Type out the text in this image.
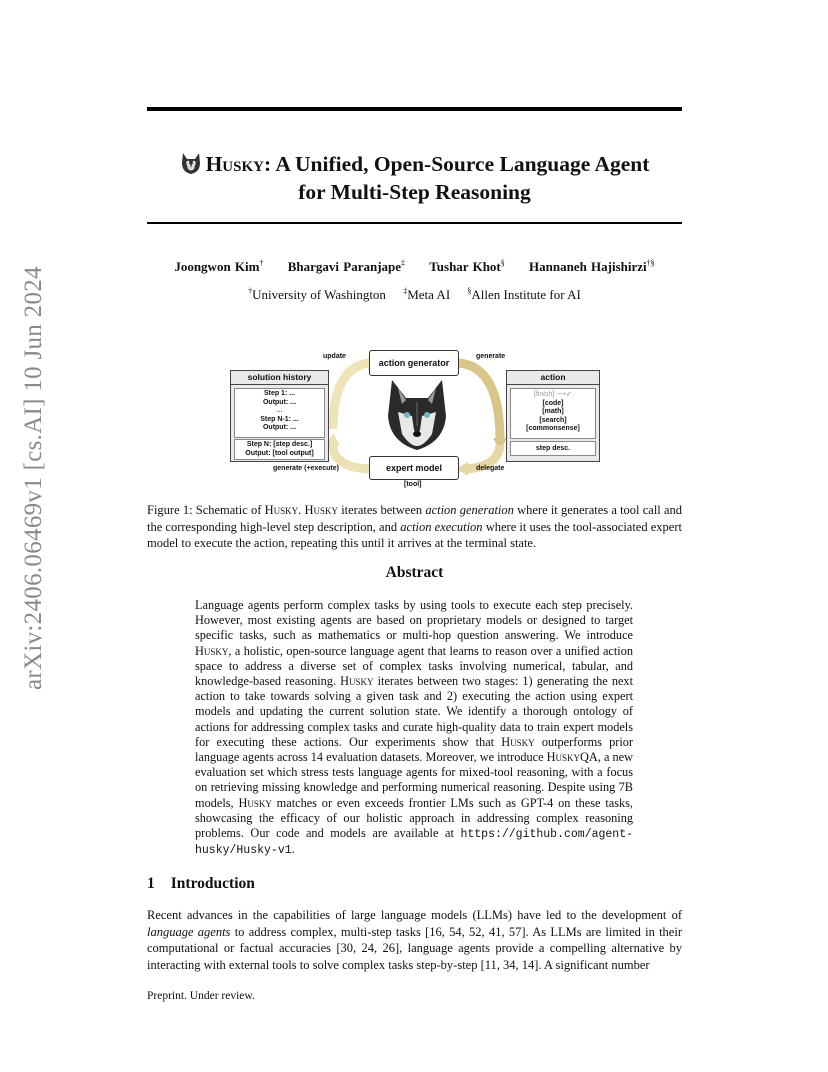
arXiv:2406.06469v1 [cs.AI] 10 Jun 2024
Husky: A Unified, Open-Source Language Agent
for Multi-Step Reasoning
Joongwon Kim† Bhargavi Paranjape‡ Tushar Khot§ Hannaneh Hajishirzi†§
†University of Washington ‡Meta AI §Allen Institute for AI
action generator
expert model
[tool]
update	generate
delegate
generate (+execute)
solution history
Step 1: ...
Output: ...
...
Step N-1: ...
Output: ...
Step N: [step desc.]
Output: [tool output]
action
[finish] ⟶✓
[code]
[math]
[search]
[commonsense]
step desc.
Figure 1: Schematic of Husky. Husky iterates between action generation where it generates a tool call and the corresponding high-level step description, and action execution where it uses the tool-associated expert model to execute the action, repeating this until it arrives at the terminal state.
Abstract
Language agents perform complex tasks by using tools to execute each step precisely. However, most existing agents are based on proprietary models or designed to target specific tasks, such as mathematics or multi-hop question answering. We introduce Husky, a holistic, open-source language agent that learns to reason over a unified action space to address a diverse set of complex tasks involving numerical, tabular, and knowledge-based reasoning. Husky iterates between two stages: 1) generating the next action to take towards solving a given task and 2) executing the action using expert models and updating the current solution state. We identify a thorough ontology of actions for addressing complex tasks and curate high-quality data to train expert models for executing these actions. Our experiments show that Husky outperforms prior language agents across 14 evaluation datasets. Moreover, we introduce HuskyQA, a new evaluation set which stress tests language agents for mixed-tool reasoning, with a focus on retrieving missing knowledge and performing numerical reasoning. Despite using 7B models, Husky matches or even exceeds frontier LMs such as GPT-4 on these tasks, showcasing the efficacy of our holistic approach in addressing complex reasoning problems. Our code and models are available at https://github.com/agent-husky/Husky-v1.
1 Introduction
Recent advances in the capabilities of large language models (LLMs) have led to the development of language agents to address complex, multi-step tasks [16, 54, 52, 41, 57]. As LLMs are limited in their computational or factual accuracies [30, 24, 26], language agents provide a compelling alternative by interacting with external tools to solve complex tasks step-by-step [11, 34, 14]. A significant number
Preprint. Under review.
